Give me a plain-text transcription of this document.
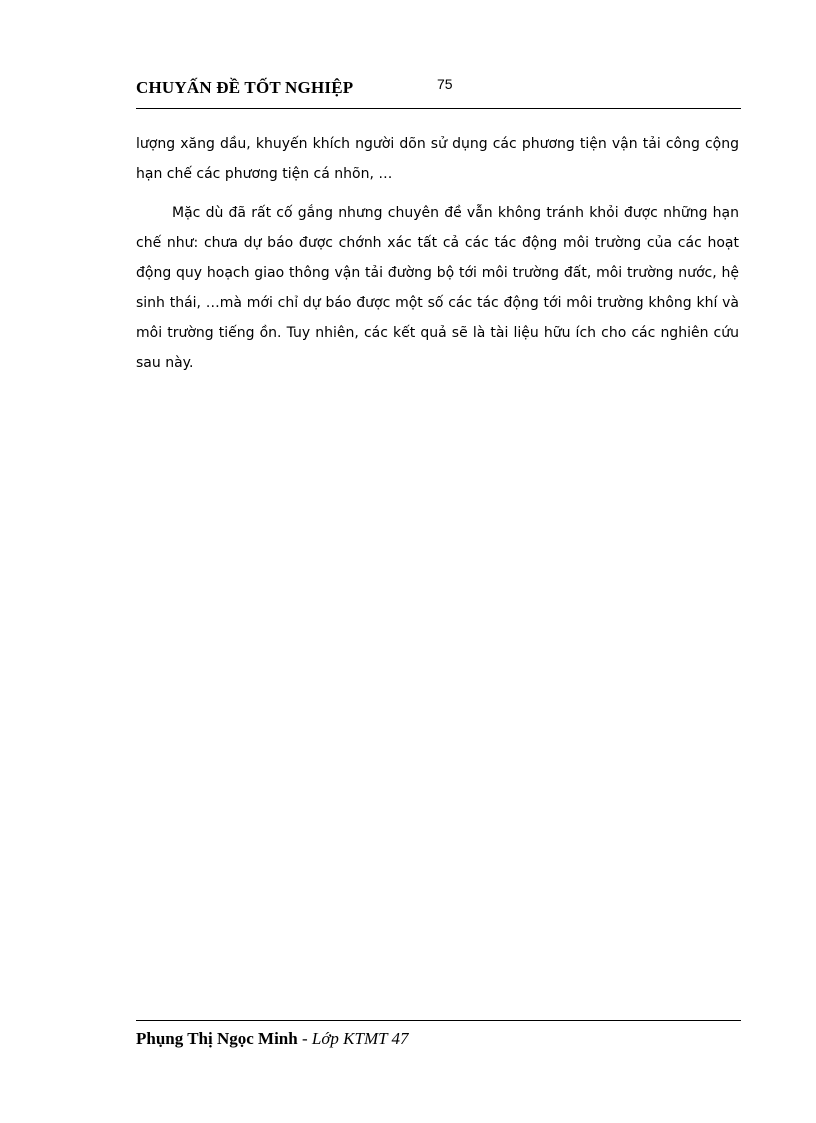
CHUYẤN ĐỀ TỐT NGHIỆP	75

lượng xăng dầu, khuyến khích người dõn sử dụng các phương tiện vận tải công cộng hạn chế các phương tiện cá nhõn, …

Mặc dù đã rất cố gắng nhưng chuyên đề vẫn không tránh khỏi được những hạn chế như: chưa dự báo được chớnh xác tất cả các tác động môi trường của các hoạt động quy hoạch giao thông vận tải đường bộ tới môi trường đất, môi trường nước, hệ sinh thái, …mà mới chỉ dự báo được một số các tác động tới môi trường không khí và môi trường tiếng ồn. Tuy nhiên, các kết quả sẽ là tài liệu hữu ích cho các nghiên cứu sau này.

Phụng Thị Ngọc Minh - Lớp KTMT 47
